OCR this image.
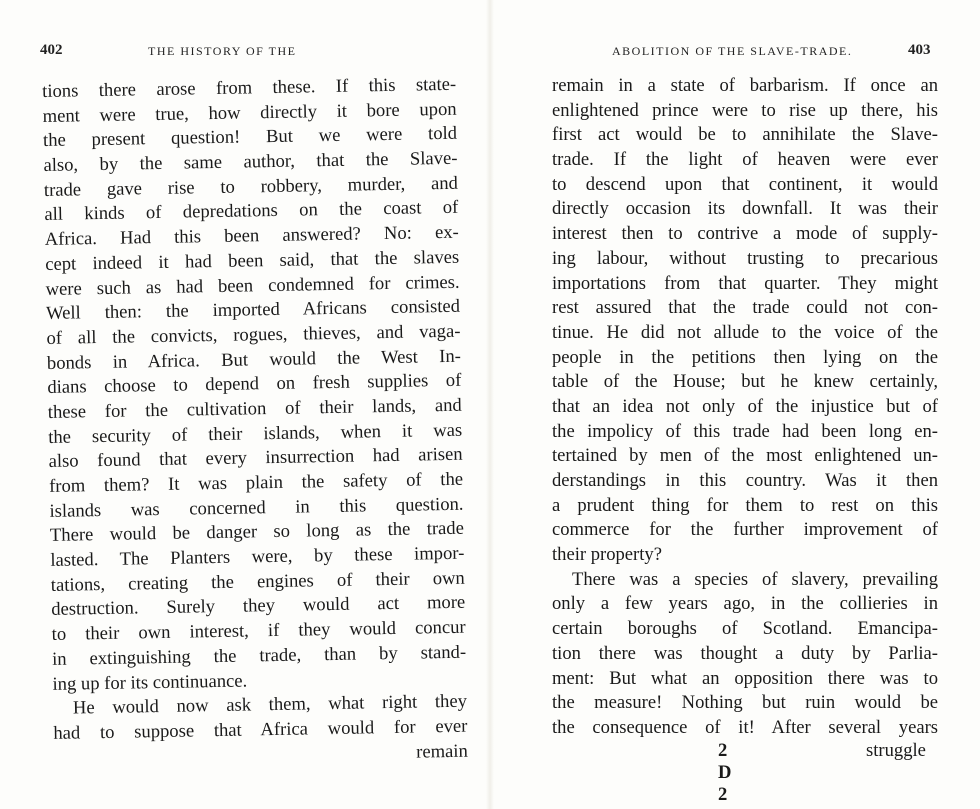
402	THE HISTORY OF THE
tions there arose from these. If this state-
ment were true, how directly it bore upon
the present question! But we were told
also, by the same author, that the Slave-
trade gave rise to robbery, murder, and
all kinds of depredations on the coast of
Africa. Had this been answered? No: ex-
cept indeed it had been said, that the slaves
were such as had been condemned for crimes.
Well then: the imported Africans consisted
of all the convicts, rogues, thieves, and vaga-
bonds in Africa. But would the West In-
dians choose to depend on fresh supplies of
these for the cultivation of their lands, and
the security of their islands, when it was
also found that every insurrection had arisen
from them? It was plain the safety of the
islands was concerned in this question.
There would be danger so long as the trade
lasted. The Planters were, by these impor-
tations, creating the engines of their own
destruction. Surely they would act more
to their own interest, if they would concur
in extinguishing the trade, than by stand-
ing up for its continuance.
He would now ask them, what right they
had to suppose that Africa would for ever
remain
ABOLITION OF THE SLAVE-TRADE.	403
remain in a state of barbarism. If once an
enlightened prince were to rise up there, his
first act would be to annihilate the Slave-
trade. If the light of heaven were ever
to descend upon that continent, it would
directly occasion its downfall. It was their
interest then to contrive a mode of supply-
ing labour, without trusting to precarious
importations from that quarter. They might
rest assured that the trade could not con-
tinue. He did not allude to the voice of the
people in the petitions then lying on the
table of the House; but he knew certainly,
that an idea not only of the injustice but of
the impolicy of this trade had been long en-
tertained by men of the most enlightened un-
derstandings in this country. Was it then
a prudent thing for them to rest on this
commerce for the further improvement of
their property?
There was a species of slavery, prevailing
only a few years ago, in the collieries in
certain boroughs of Scotland. Emancipa-
tion there was thought a duty by Parlia-
ment: But what an opposition there was to
the measure! Nothing but ruin would be
the consequence of it! After several years
2 D 2
struggle
